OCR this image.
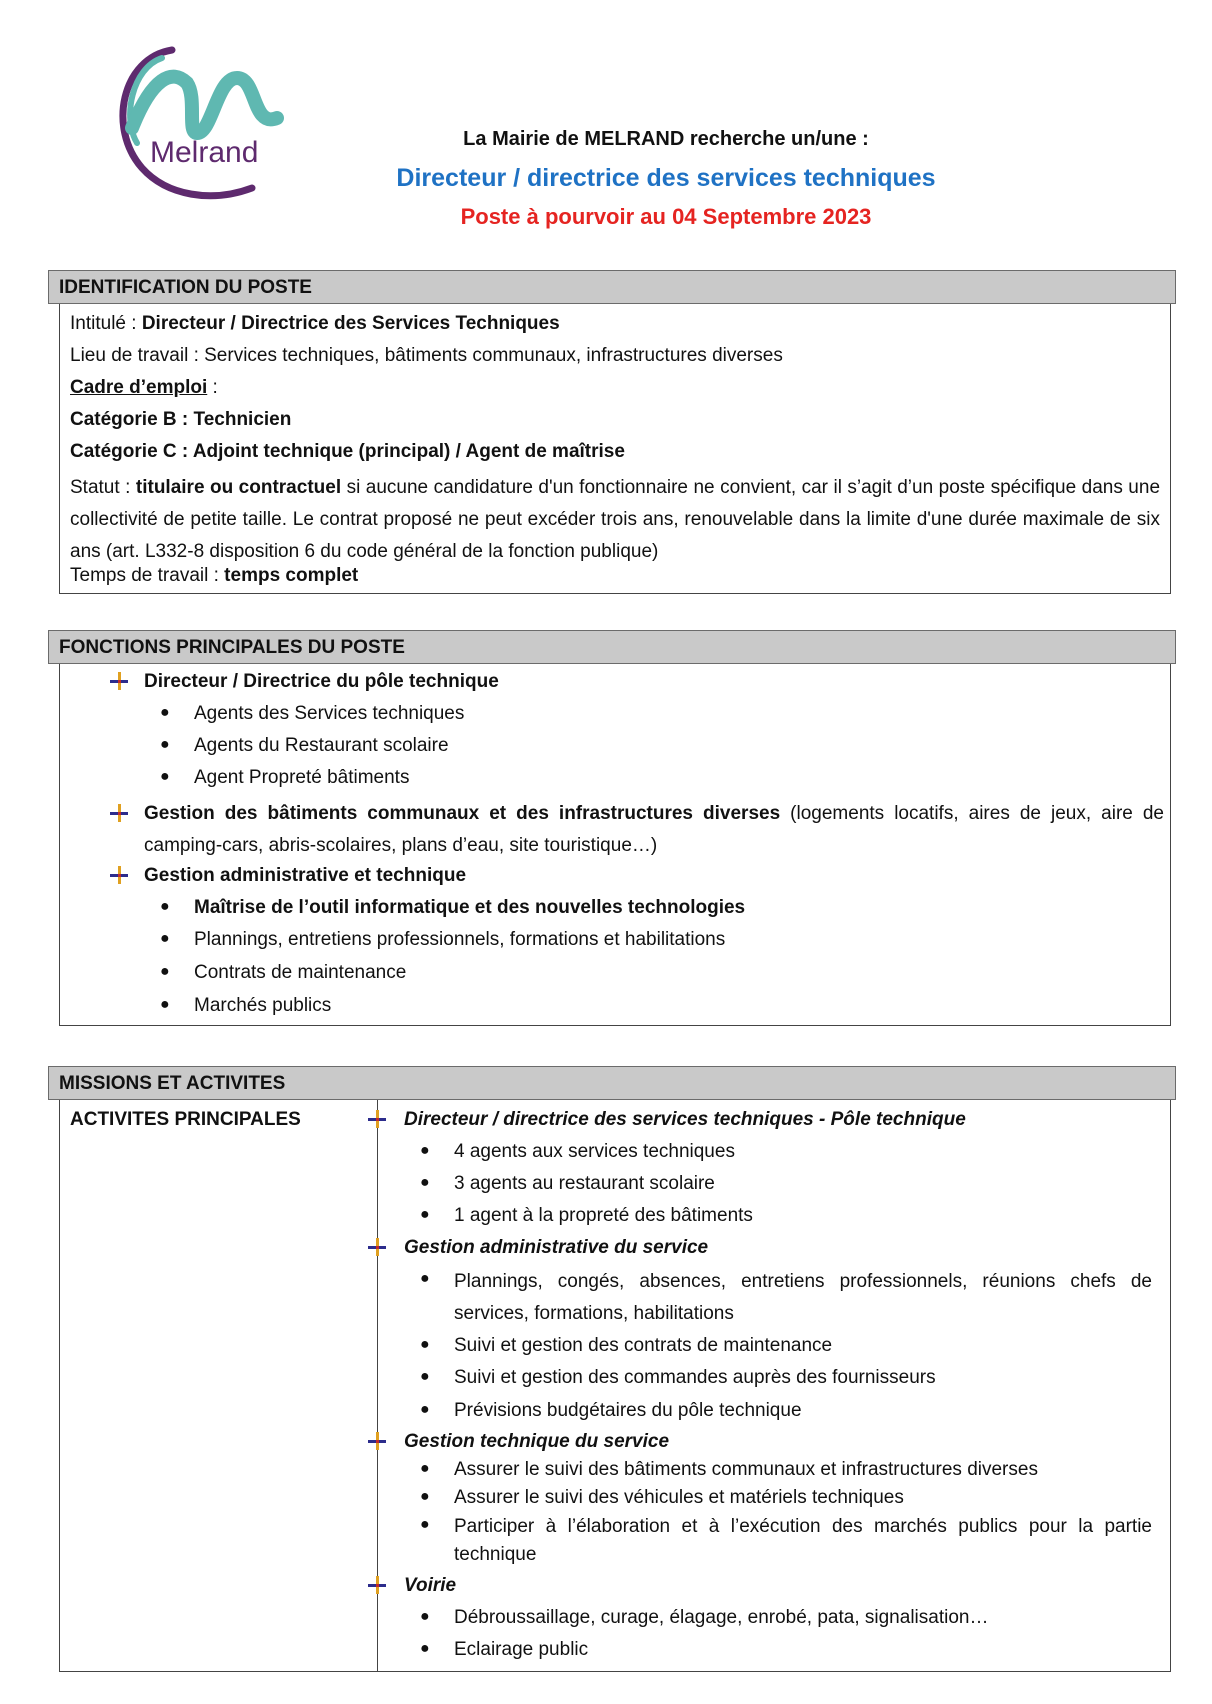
Melrand	La Mairie de MELRAND recherche un/une :
Directeur / directrice des services techniques
Poste à pourvoir au 04 Septembre 2023
IDENTIFICATION DU POSTE
Intitulé : Directeur / Directrice des Services Techniques
Lieu de travail : Services techniques, bâtiments communaux, infrastructures diverses
Cadre d’emploi :
Catégorie B : Technicien
Catégorie C : Adjoint technique (principal) / Agent de maîtrise
Statut : titulaire ou contractuel si aucune candidature d'un fonctionnaire ne convient, car il s’agit d’un poste spécifique dans une collectivité de petite taille. Le contrat proposé ne peut excéder trois ans, renouvelable dans la limite d'une durée maximale de six ans (art. L332-8 disposition 6 du code général de la fonction publique)
Temps de travail : temps complet
FONCTIONS PRINCIPALES DU POSTE
Directeur / Directrice du pôle technique
● Agents des Services techniques
● Agents du Restaurant scolaire
● Agent Propreté bâtiments
Gestion des bâtiments communaux et des infrastructures diverses (logements locatifs, aires de jeux, aire de camping-cars, abris-scolaires, plans d’eau, site touristique…)
Gestion administrative et technique
● Maîtrise de l’outil informatique et des nouvelles technologies
● Plannings, entretiens professionnels, formations et habilitations
● Contrats de maintenance
● Marchés publics
MISSIONS ET ACTIVITES
ACTIVITES PRINCIPALES	Directeur / directrice des services techniques - Pôle technique
● 4 agents aux services techniques
● 3 agents au restaurant scolaire
● 1 agent à la propreté des bâtiments
Gestion administrative du service
● Plannings, congés, absences, entretiens professionnels, réunions chefs de services, formations, habilitations
● Suivi et gestion des contrats de maintenance
● Suivi et gestion des commandes auprès des fournisseurs
● Prévisions budgétaires du pôle technique
Gestion technique du service
● Assurer le suivi des bâtiments communaux et infrastructures diverses
● Assurer le suivi des véhicules et matériels techniques
● Participer à l’élaboration et à l’exécution des marchés publics pour la partie technique
Voirie
● Débroussaillage, curage, élagage, enrobé, pata, signalisation…
● Eclairage public
